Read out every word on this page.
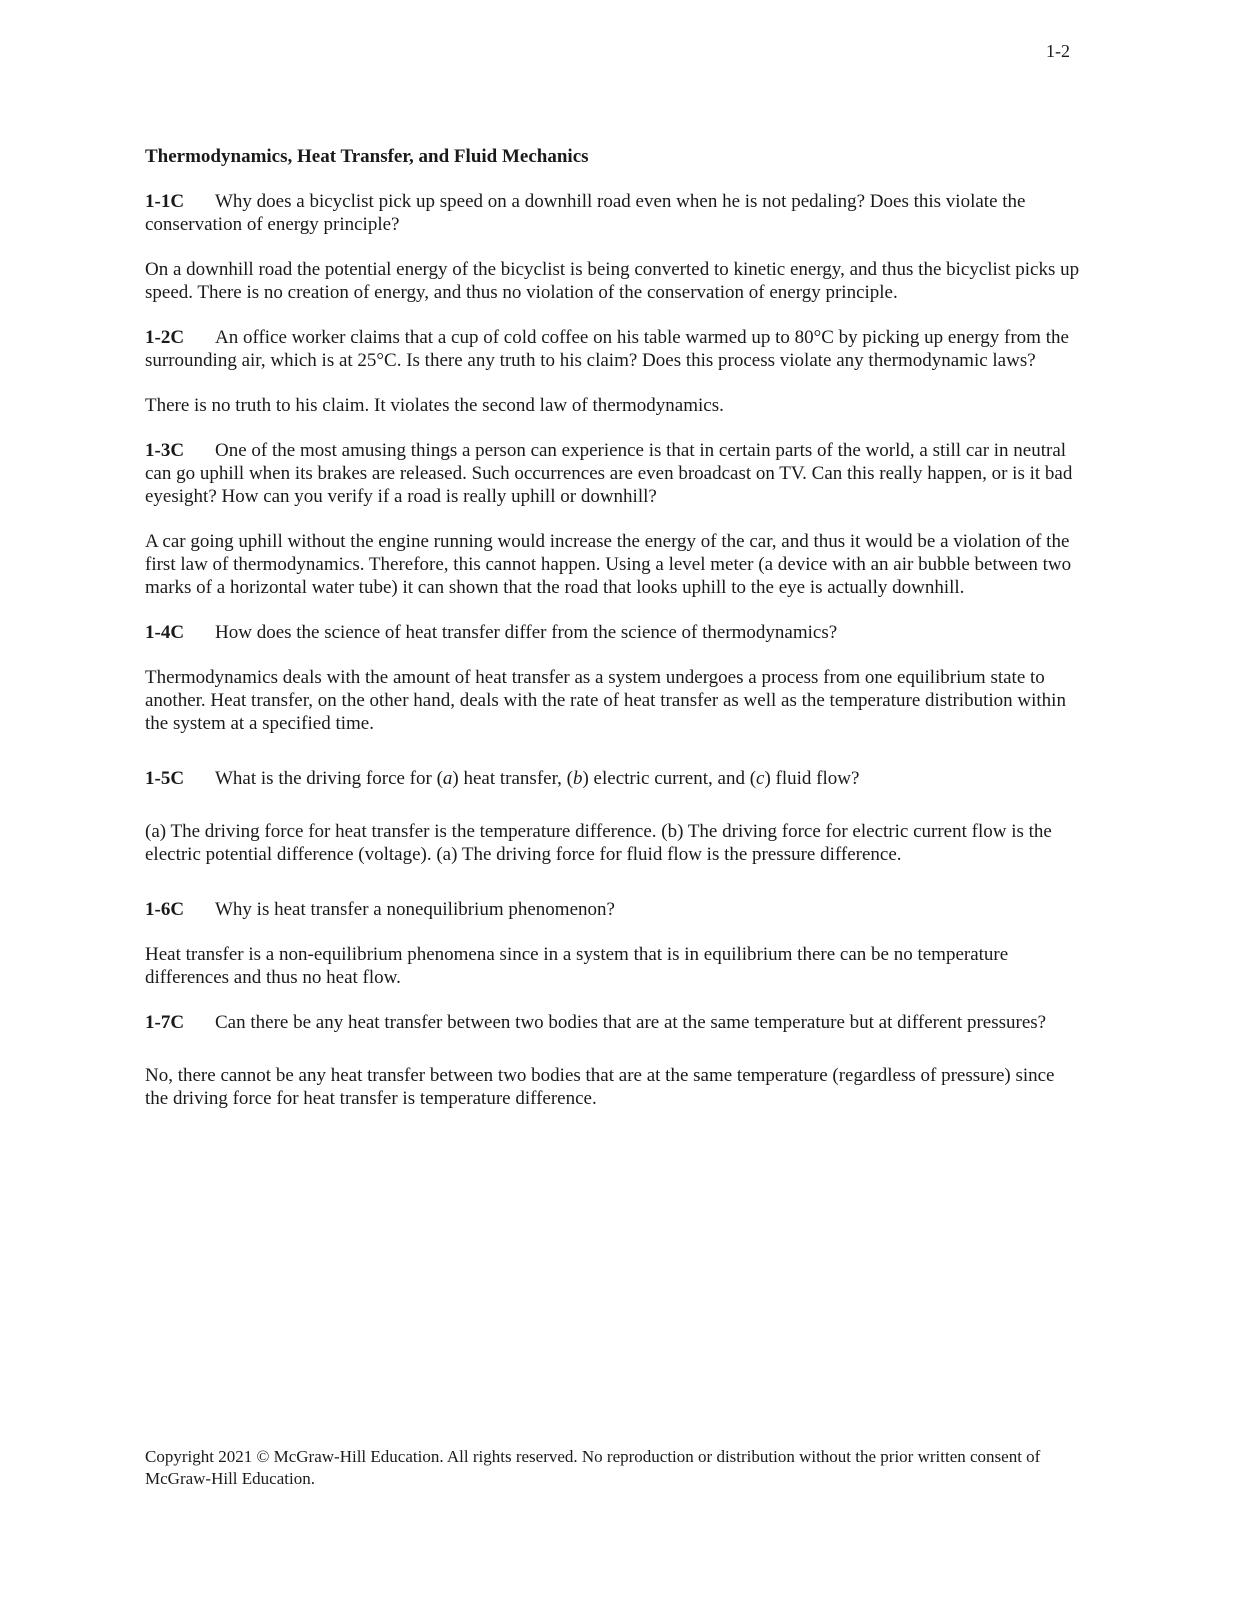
1-2

Thermodynamics, Heat Transfer, and Fluid Mechanics

1-1C Why does a bicyclist pick up speed on a downhill road even when he is not pedaling? Does this violate the conservation of energy principle?

On a downhill road the potential energy of the bicyclist is being converted to kinetic energy, and thus the bicyclist picks up speed. There is no creation of energy, and thus no violation of the conservation of energy principle.

1-2C An office worker claims that a cup of cold coffee on his table warmed up to 80°C by picking up energy from the surrounding air, which is at 25°C. Is there any truth to his claim? Does this process violate any thermodynamic laws?

There is no truth to his claim. It violates the second law of thermodynamics.

1-3C One of the most amusing things a person can experience is that in certain parts of the world, a still car in neutral can go uphill when its brakes are released. Such occurrences are even broadcast on TV. Can this really happen, or is it bad eyesight? How can you verify if a road is really uphill or downhill?

A car going uphill without the engine running would increase the energy of the car, and thus it would be a violation of the first law of thermodynamics. Therefore, this cannot happen. Using a level meter (a device with an air bubble between two marks of a horizontal water tube) it can shown that the road that looks uphill to the eye is actually downhill.

1-4C How does the science of heat transfer differ from the science of thermodynamics?

Thermodynamics deals with the amount of heat transfer as a system undergoes a process from one equilibrium state to another. Heat transfer, on the other hand, deals with the rate of heat transfer as well as the temperature distribution within the system at a specified time.

1-5C What is the driving force for (a) heat transfer, (b) electric current, and (c) fluid flow?

(a) The driving force for heat transfer is the temperature difference. (b) The driving force for electric current flow is the electric potential difference (voltage). (a) The driving force for fluid flow is the pressure difference.

1-6C Why is heat transfer a nonequilibrium phenomenon?

Heat transfer is a non-equilibrium phenomena since in a system that is in equilibrium there can be no temperature differences and thus no heat flow.

1-7C Can there be any heat transfer between two bodies that are at the same temperature but at different pressures?

No, there cannot be any heat transfer between two bodies that are at the same temperature (regardless of pressure) since the driving force for heat transfer is temperature difference.

Copyright 2021 © McGraw-Hill Education. All rights reserved. No reproduction or distribution without the prior written consent of McGraw-Hill Education.
